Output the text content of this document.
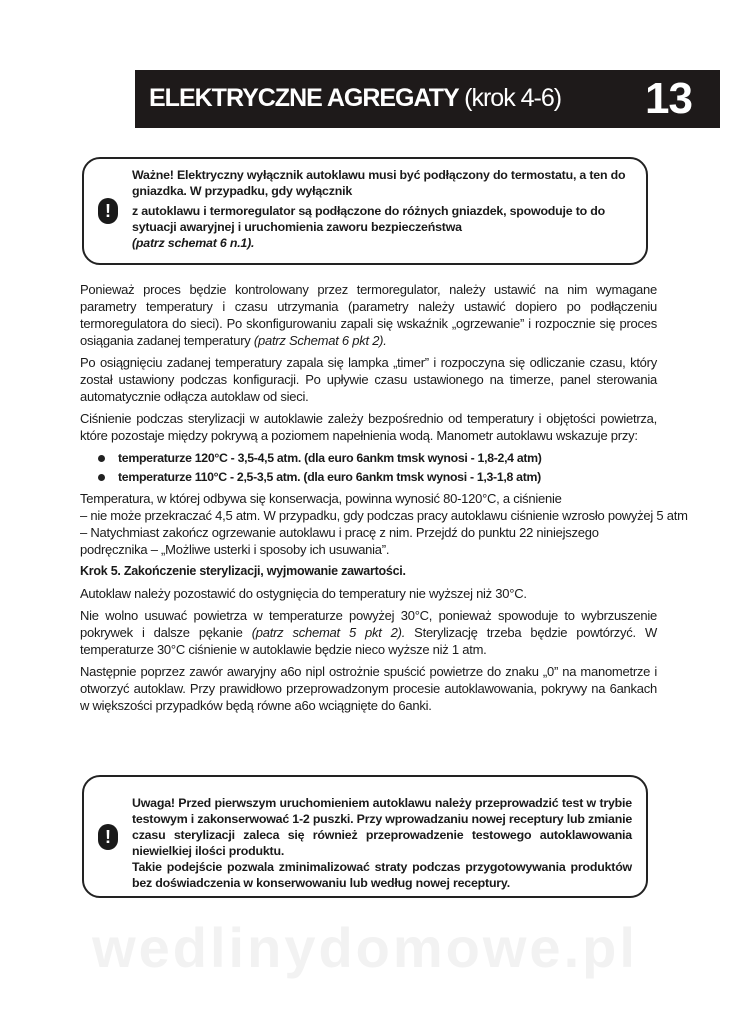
ELEKTRYCZNE AGREGATY (krok 4-6) 13
!

Ważne! Elektryczny wyłącznik autoklawu musi być podłączony do termostatu, a ten do gniazdka. W przypadku, gdy wyłącznik

z autoklawu i termoregulator są podłączone do różnych gniazdek, spowoduje to do sytuacji awaryjnej i uruchomienia zaworu bezpieczeństwa
(patrz schemat 6 n.1).

Ponieważ proces będzie kontrolowany przez termoregulator, należy ustawić na nim wymagane parametry temperatury i czasu utrzymania (parametry należy ustawić dopiero po podłączeniu termoregulatora do sieci). Po skonfigurowaniu zapali się wskaźnik „ogrzewanie” i rozpocznie się proces osiągania zadanej temperatury (patrz Schemat 6 pkt 2).

Po osiągnięciu zadanej temperatury zapala się lampka „timer” i rozpoczyna się odliczanie czasu, który został ustawiony podczas konfiguracji. Po upływie czasu ustawionego na timerze, panel sterowania automatycznie odłącza autoklaw od sieci.

Ciśnienie podczas sterylizacji w autoklawie zależy bezpośrednio od temperatury i objętości powietrza, które pozostaje między pokrywą a poziomem napełnienia wodą. Manometr autoklawu wskazuje przy:

temperaturze 120°C - 3,5-4,5 atm. (dla euro 6ankm tmsk wynosi - 1,8-2,4 atm)
temperaturze 110°C - 2,5-3,5 atm. (dla euro 6ankm tmsk wynosi - 1,3-1,8 atm)

Temperatura, w której odbywa się konserwacja, powinna wynosić 80-120°C, a ciśnienie
– nie może przekraczać 4,5 atm. W przypadku, gdy podczas pracy autoklawu ciśnienie wzrosło powyżej 5 atm
– Natychmiast zakończ ogrzewanie autoklawu i pracę z nim. Przejdź do punktu 22 niniejszego
podręcznika – „Możliwe usterki i sposoby ich usuwania”.

Krok 5. Zakończenie sterylizacji, wyjmowanie zawartości.

Autoklaw należy pozostawić do ostygnięcia do temperatury nie wyższej niż 30°C.

Nie wolno usuwać powietrza w temperaturze powyżej 30°C, ponieważ spowoduje to wybrzuszenie pokrywek i dalsze pękanie (patrz schemat 5 pkt 2). Sterylizację trzeba będzie powtórzyć. W temperaturze 30°C ciśnienie w autoklawie będzie nieco wyższe niż 1 atm.

Następnie poprzez zawór awaryjny a6o nipl ostrożnie spuścić powietrze do znaku „0” na manometrze i otworzyć autoklaw. Przy prawidłowo przeprowadzonym procesie autoklawowania, pokrywy na 6ankach w większości przypadków będą równe a6o wciągnięte do 6anki.

!

Uwaga! Przed pierwszym uruchomieniem autoklawu należy przeprowadzić test w trybie testowym i zakonserwować 1-2 puszki. Przy wprowadzaniu nowej receptury lub zmianie czasu sterylizacji zaleca się również przeprowadzenie testowego autoklawowania niewielkiej ilości produktu.

Takie podejście pozwala zminimalizować straty podczas przygotowywania produktów bez doświadczenia w konserwowaniu lub według nowej receptury.

wedlinydomowe.pl
